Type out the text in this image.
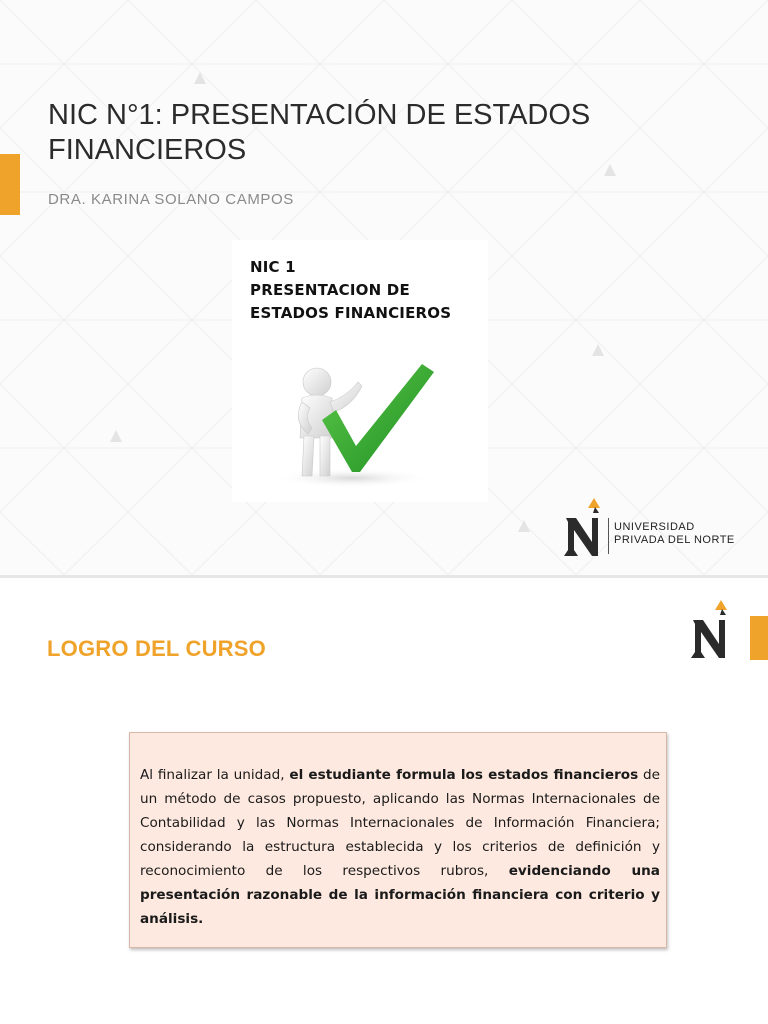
NIC N°1: PRESENTACIÓN DE ESTADOS FINANCIEROS
DRA. KARINA SOLANO CAMPOS
NIC 1
PRESENTACION DE
ESTADOS FINANCIEROS
UNIVERSIDAD
PRIVADA DEL NORTE
LOGRO DEL CURSO

Al finalizar la unidad, el estudiante formula los estados financieros de un método de casos propuesto, aplicando las Normas Internacionales de Contabilidad y las Normas Internacionales de Información Financiera; considerando la estructura establecida y los criterios de definición y reconocimiento de los respectivos rubros, evidenciando una presentación razonable de la información financiera con criterio y análisis.
